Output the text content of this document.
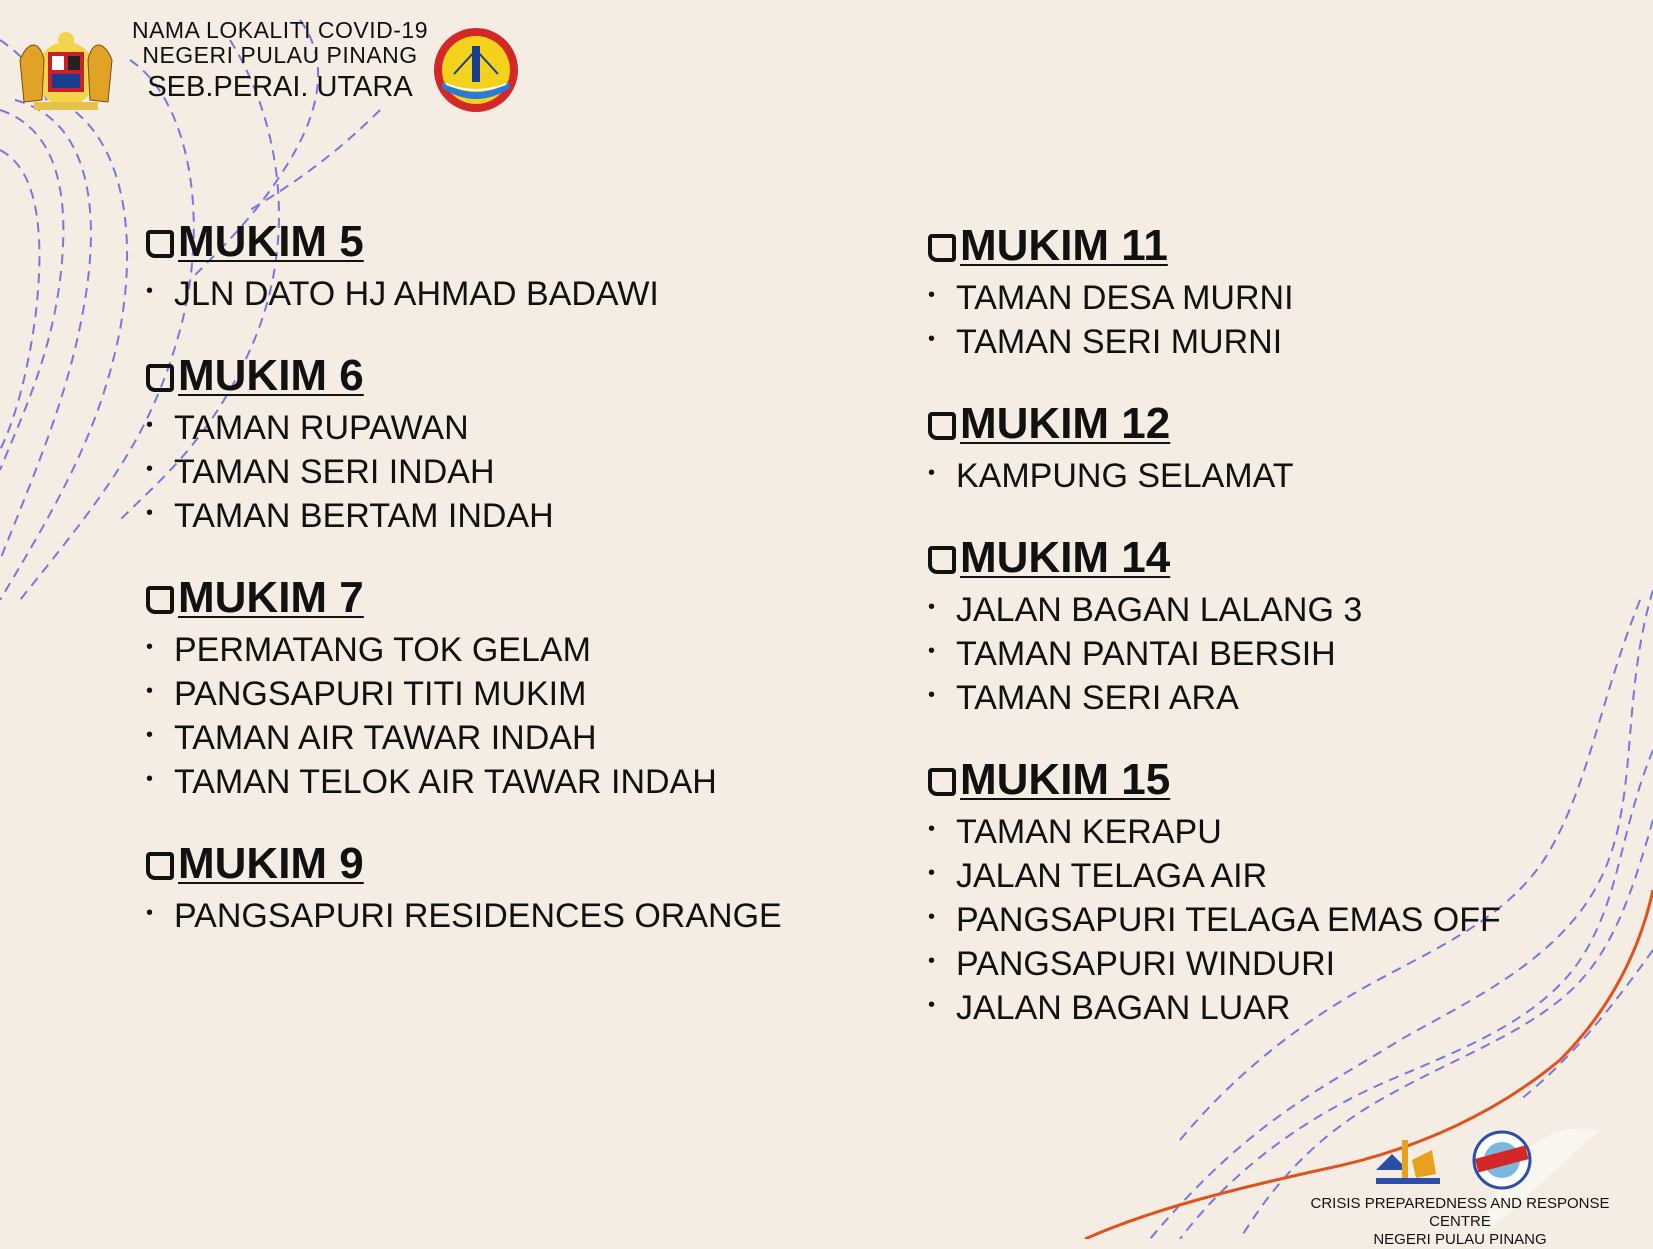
NAMA LOKALITI COVID-19
NEGERI PULAU PINANG
SEB.PERAI. UTARA
MUKIM 5
• JLN DATO HJ AHMAD BADAWI
MUKIM 6
• TAMAN RUPAWAN
• TAMAN SERI INDAH
• TAMAN BERTAM INDAH
MUKIM 7
• PERMATANG TOK GELAM
• PANGSAPURI TITI MUKIM
• TAMAN AIR TAWAR INDAH
• TAMAN TELOK AIR TAWAR INDAH
MUKIM 9
• PANGSAPURI RESIDENCES ORANGE
MUKIM 11
• TAMAN DESA MURNI
• TAMAN SERI MURNI
MUKIM 12
• KAMPUNG SELAMAT
MUKIM 14
• JALAN BAGAN LALANG 3
• TAMAN PANTAI BERSIH
• TAMAN SERI ARA
MUKIM 15
• TAMAN KERAPU
• JALAN TELAGA AIR
• PANGSAPURI TELAGA EMAS OFF
• PANGSAPURI WINDURI
• JALAN BAGAN LUAR
CRISIS PREPAREDNESS AND RESPONSE CENTRE
NEGERI PULAU PINANG
